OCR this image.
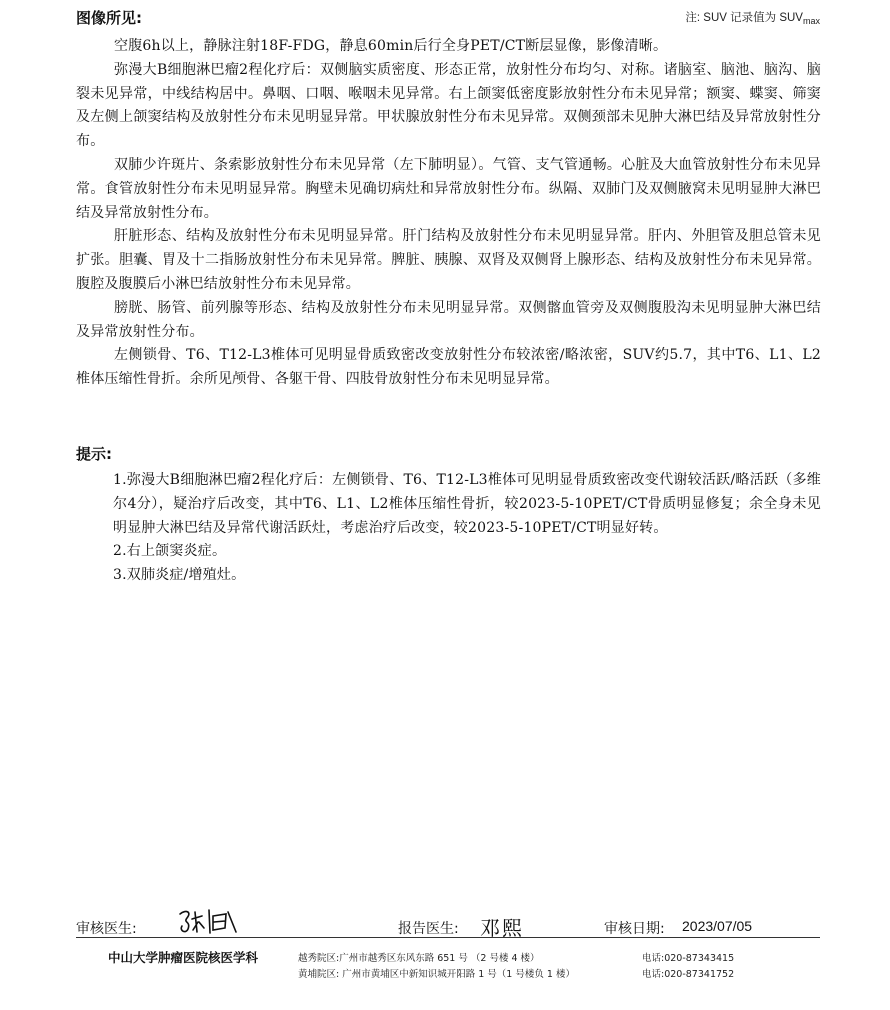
图像所见:	注: SUV 记录值为 $SUV_{max}$

空腹6h以上，静脉注射18F-FDG，静息60min后行全身PET/CT断层显像，影像清晰。

弥漫大B细胞淋巴瘤2程化疗后：双侧脑实质密度、形态正常，放射性分布均匀、对称。诸脑室、脑池、脑沟、脑裂未见异常，中线结构居中。鼻咽、口咽、喉咽未见异常。右上颌窦低密度影放射性分布未见异常；额窦、蝶窦、筛窦及左侧上颌窦结构及放射性分布未见明显异常。甲状腺放射性分布未见异常。双侧颈部未见肿大淋巴结及异常放射性分布。

双肺少许斑片、条索影放射性分布未见异常（左下肺明显）。气管、支气管通畅。心脏及大血管放射性分布未见异常。食管放射性分布未见明显异常。胸壁未见确切病灶和异常放射性分布。纵隔、双肺门及双侧腋窝未见明显肿大淋巴结及异常放射性分布。

肝脏形态、结构及放射性分布未见明显异常。肝门结构及放射性分布未见明显异常。肝内、外胆管及胆总管未见扩张。胆囊、胃及十二指肠放射性分布未见异常。脾脏、胰腺、双肾及双侧肾上腺形态、结构及放射性分布未见异常。腹腔及腹膜后小淋巴结放射性分布未见异常。

膀胱、肠管、前列腺等形态、结构及放射性分布未见明显异常。双侧髂血管旁及双侧腹股沟未见明显肿大淋巴结及异常放射性分布。

左侧锁骨、T6、T12-L3椎体可见明显骨质致密改变放射性分布较浓密/略浓密，SUV约5.7，其中T6、L1、L2椎体压缩性骨折。余所见颅骨、各躯干骨、四肢骨放射性分布未见明显异常。

提示:

1.弥漫大B细胞淋巴瘤2程化疗后：左侧锁骨、T6、T12-L3椎体可见明显骨质致密改变代谢较活跃/略活跃（多维尔4分），疑治疗后改变，其中T6、L1、L2椎体压缩性骨折，较2023-5-10PET/CT骨质明显修复；余全身未见明显肿大淋巴结及异常代谢活跃灶，考虑治疗后改变，较2023-5-10PET/CT明显好转。

2.右上颌窦炎症。

3.双肺炎症/增殖灶。

审核医生:	报告医生: 邓熙	审核日期: 2023/07/05
中山大学肿瘤医院核医学科	越秀院区:广州市越秀区东风东路 651 号 （2 号楼 4 楼）
黄埔院区: 广州市黄埔区中新知识城开阳路 1 号（1 号楼负 1 楼）
电话:020-87343415
电话:020-87341752
